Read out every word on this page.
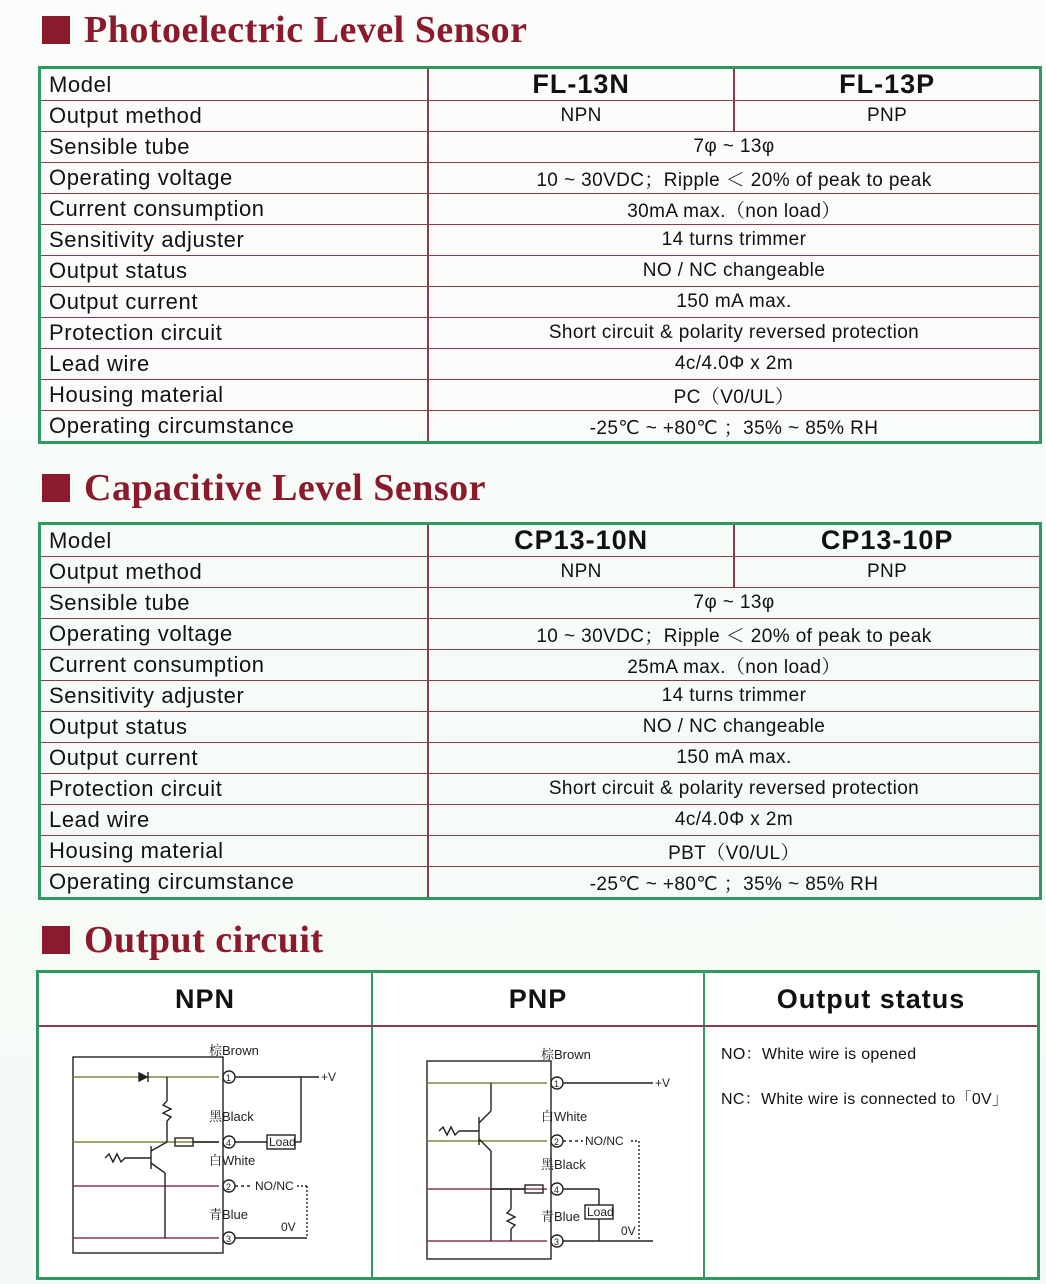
Photoelectric Level Sensor
Model	FL-13N	FL-13P
Output method	NPN	PNP
Sensible tube	7φ ~ 13φ	
Operating voltage	10 ~ 30VDC；Ripple ＜ 20% of peak to peak	
Current consumption	30mA max.（non load）	
Sensitivity adjuster	14 turns trimmer	
Output status	NO / NC changeable	
Output current	150 mA max.	
Protection circuit	Short circuit & polarity reversed protection	
Lead wire	4c/4.0Φ x 2m	
Housing material	PC（V0/UL）	
Operating circumstance	-25℃ ~ +80℃ ；35% ~ 85% RH	
Capacitive Level Sensor
Model	CP13-10N	CP13-10P
Output method	NPN	PNP
Sensible tube	7φ ~ 13φ	
Operating voltage	10 ~ 30VDC；Ripple ＜ 20% of peak to peak	
Current consumption	25mA max.（non load）	
Sensitivity adjuster	14 turns trimmer	
Output status	NO / NC changeable	
Output current	150 mA max.	
Protection circuit	Short circuit & polarity reversed protection	
Lead wire	4c/4.0Φ x 2m	
Housing material	PBT（V0/UL）	
Operating circumstance	-25℃ ~ +80℃ ；35% ~ 85% RH	
Output circuit
NPN	PNP	Output status
1
4
2
3
棕Brown
黑Black
白White
青Blue
+V
Load
NO/NC
0V
1
2
4
3
棕Brown
白White
黑Black
青Blue
+V
Load
NO/NC
0V
NO：White wire is opened
NC：White wire is connected to「0V」
